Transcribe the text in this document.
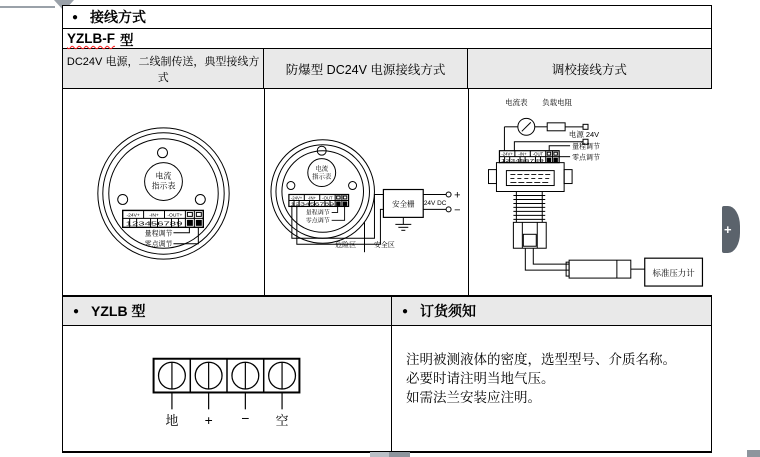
● 接线方式
YZLB-F 型
DC24V 电源，二线制传送，典型接线方式
防爆型 DC24V 电源接线方式	调校接线方式
电流
指示表
-24V+ -IN+ -OUT+
123456789
量程调节
零点调节
电流
指示表
-24V+ -IN+ -OUT
123456789
量程调节
零点调节
安全栅
+
−
24V DC
危险区	安全区
电流表 负载电阻
电源 24V
量程调节
零点调节
-24V+ -IN+ -OUT
123456789
标准压力计
● YZLB 型
地 + − 空
● 订货须知
注明被测液体的密度，选型型号、介质名称。
必要时请注明当地气压。
如需法兰安装应注明。
+
